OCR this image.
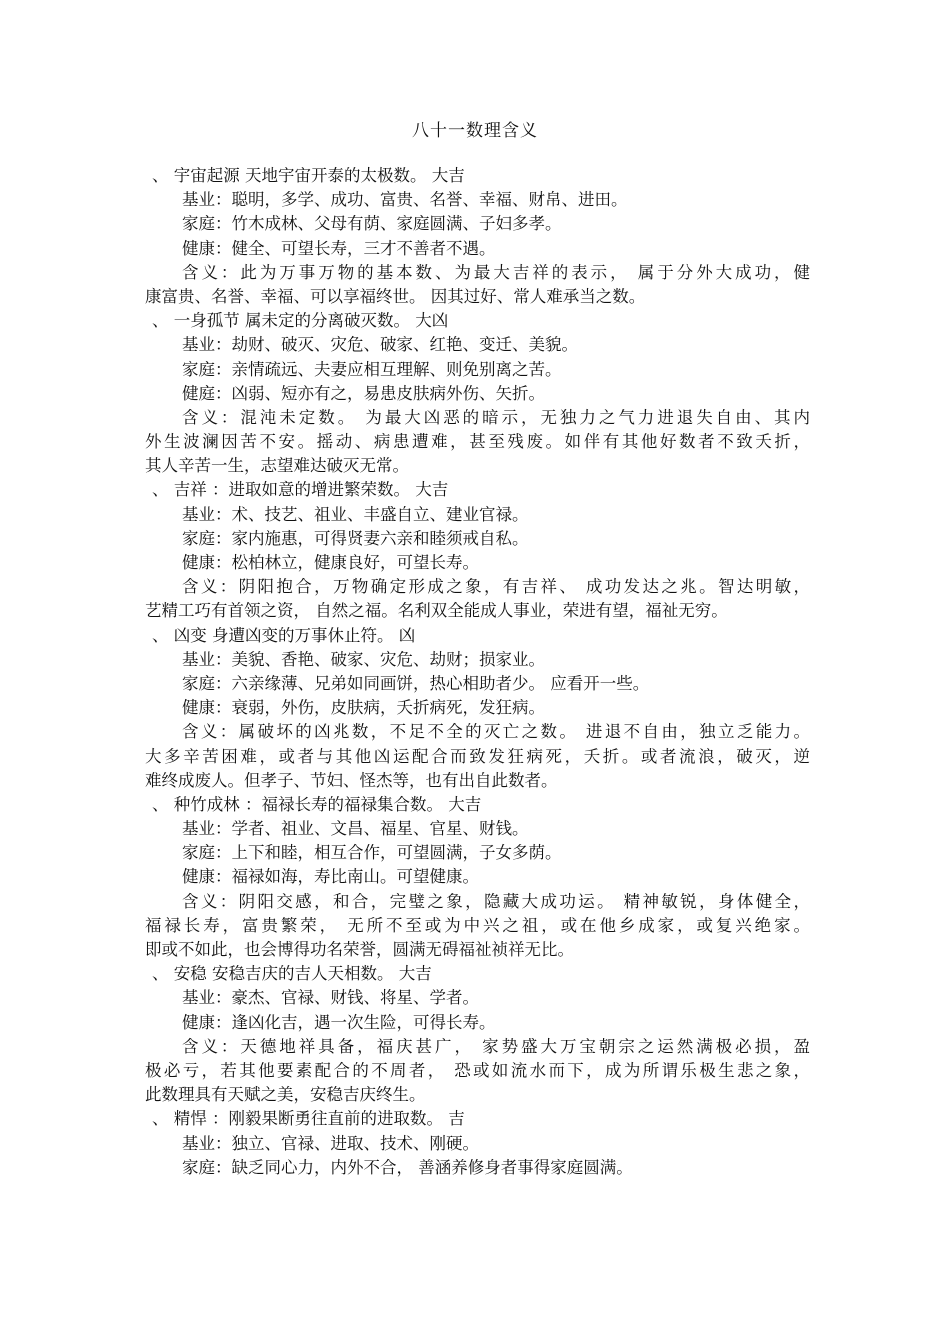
八十一数理含义
、 宇宙起源 天地宇宙开泰的太极数。 大吉
基业：聪明，多学、成功、富贵、名誉、幸福、财帛、进田。
家庭：竹木成林、父母有荫、家庭圆满、子妇多孝。
健康：健全、可望长寿，三才不善者不遇。
含义：此为万事万物的基本数、为最大吉祥的表示， 属于分外大成功，健
康富贵、名誉、幸福、可以享福终世。 因其过好、常人难承当之数。
、 一身孤节 属未定的分离破灭数。 大凶
基业：劫财、破灭、灾危、破家、红艳、变迁、美貌。
家庭：亲情疏远、夫妻应相互理解、则免别离之苦。
健庭：凶弱、短亦有之，易患皮肤病外伤、矢折。
含义：混沌未定数。 为最大凶恶的暗示，无独力之气力进退失自由、其内
外生波澜因苦不安。摇动、病患遭难，甚至残废。如伴有其他好数者不致夭折，
其人辛苦一生，志望难达破灭无常。
、 吉祥 ：进取如意的增进繁荣数。 大吉
基业：术、技艺、祖业、丰盛自立、建业官禄。
家庭：家内施惠，可得贤妻六亲和睦须戒自私。
健康：松柏林立，健康良好，可望长寿。
含义：阴阳抱合，万物确定形成之象，有吉祥、 成功发达之兆。智达明敏，
艺精工巧有首领之资， 自然之福。名利双全能成人事业，荣进有望，福祉无穷。
、 凶变 身遭凶变的万事休止符。 凶
基业：美貌、香艳、破家、灾危、劫财；损家业。
家庭：六亲缘薄、兄弟如同画饼，热心相助者少。 应看开一些。
健康：衰弱，外伤，皮肤病，夭折病死，发狂病。
含义：属破坏的凶兆数，不足不全的灭亡之数。 进退不自由，独立乏能力。
大多辛苦困难，或者与其他凶运配合而致发狂病死，夭折。或者流浪，破灭，逆
难终成废人。但孝子、节妇、怪杰等，也有出自此数者。
、 种竹成林 ：福禄长寿的福禄集合数。 大吉
基业：学者、祖业、文昌、福星、官星、财钱。
家庭：上下和睦，相互合作，可望圆满，子女多荫。
健康：福禄如海，寿比南山。可望健康。
含义：阴阳交感，和合，完璧之象，隐藏大成功运。 精神敏锐，身体健全，
福禄长寿，富贵繁荣， 无所不至或为中兴之祖，或在他乡成家，或复兴绝家。
即或不如此，也会博得功名荣誉，圆满无碍福祉祯祥无比。
、 安稳 安稳吉庆的吉人天相数。 大吉
基业：豪杰、官禄、财钱、将星、学者。
健康：逢凶化吉，遇一次生险，可得长寿。
含义：天德地祥具备，福庆甚广， 家势盛大万宝朝宗之运然满极必损，盈
极必亏，若其他要素配合的不周者， 恐或如流水而下，成为所谓乐极生悲之象，
此数理具有天赋之美，安稳吉庆终生。
、 精悍 ：刚毅果断勇往直前的进取数。 吉
基业：独立、官禄、进取、技术、刚硬。
家庭：缺乏同心力，内外不合， 善涵养修身者事得家庭圆满。
